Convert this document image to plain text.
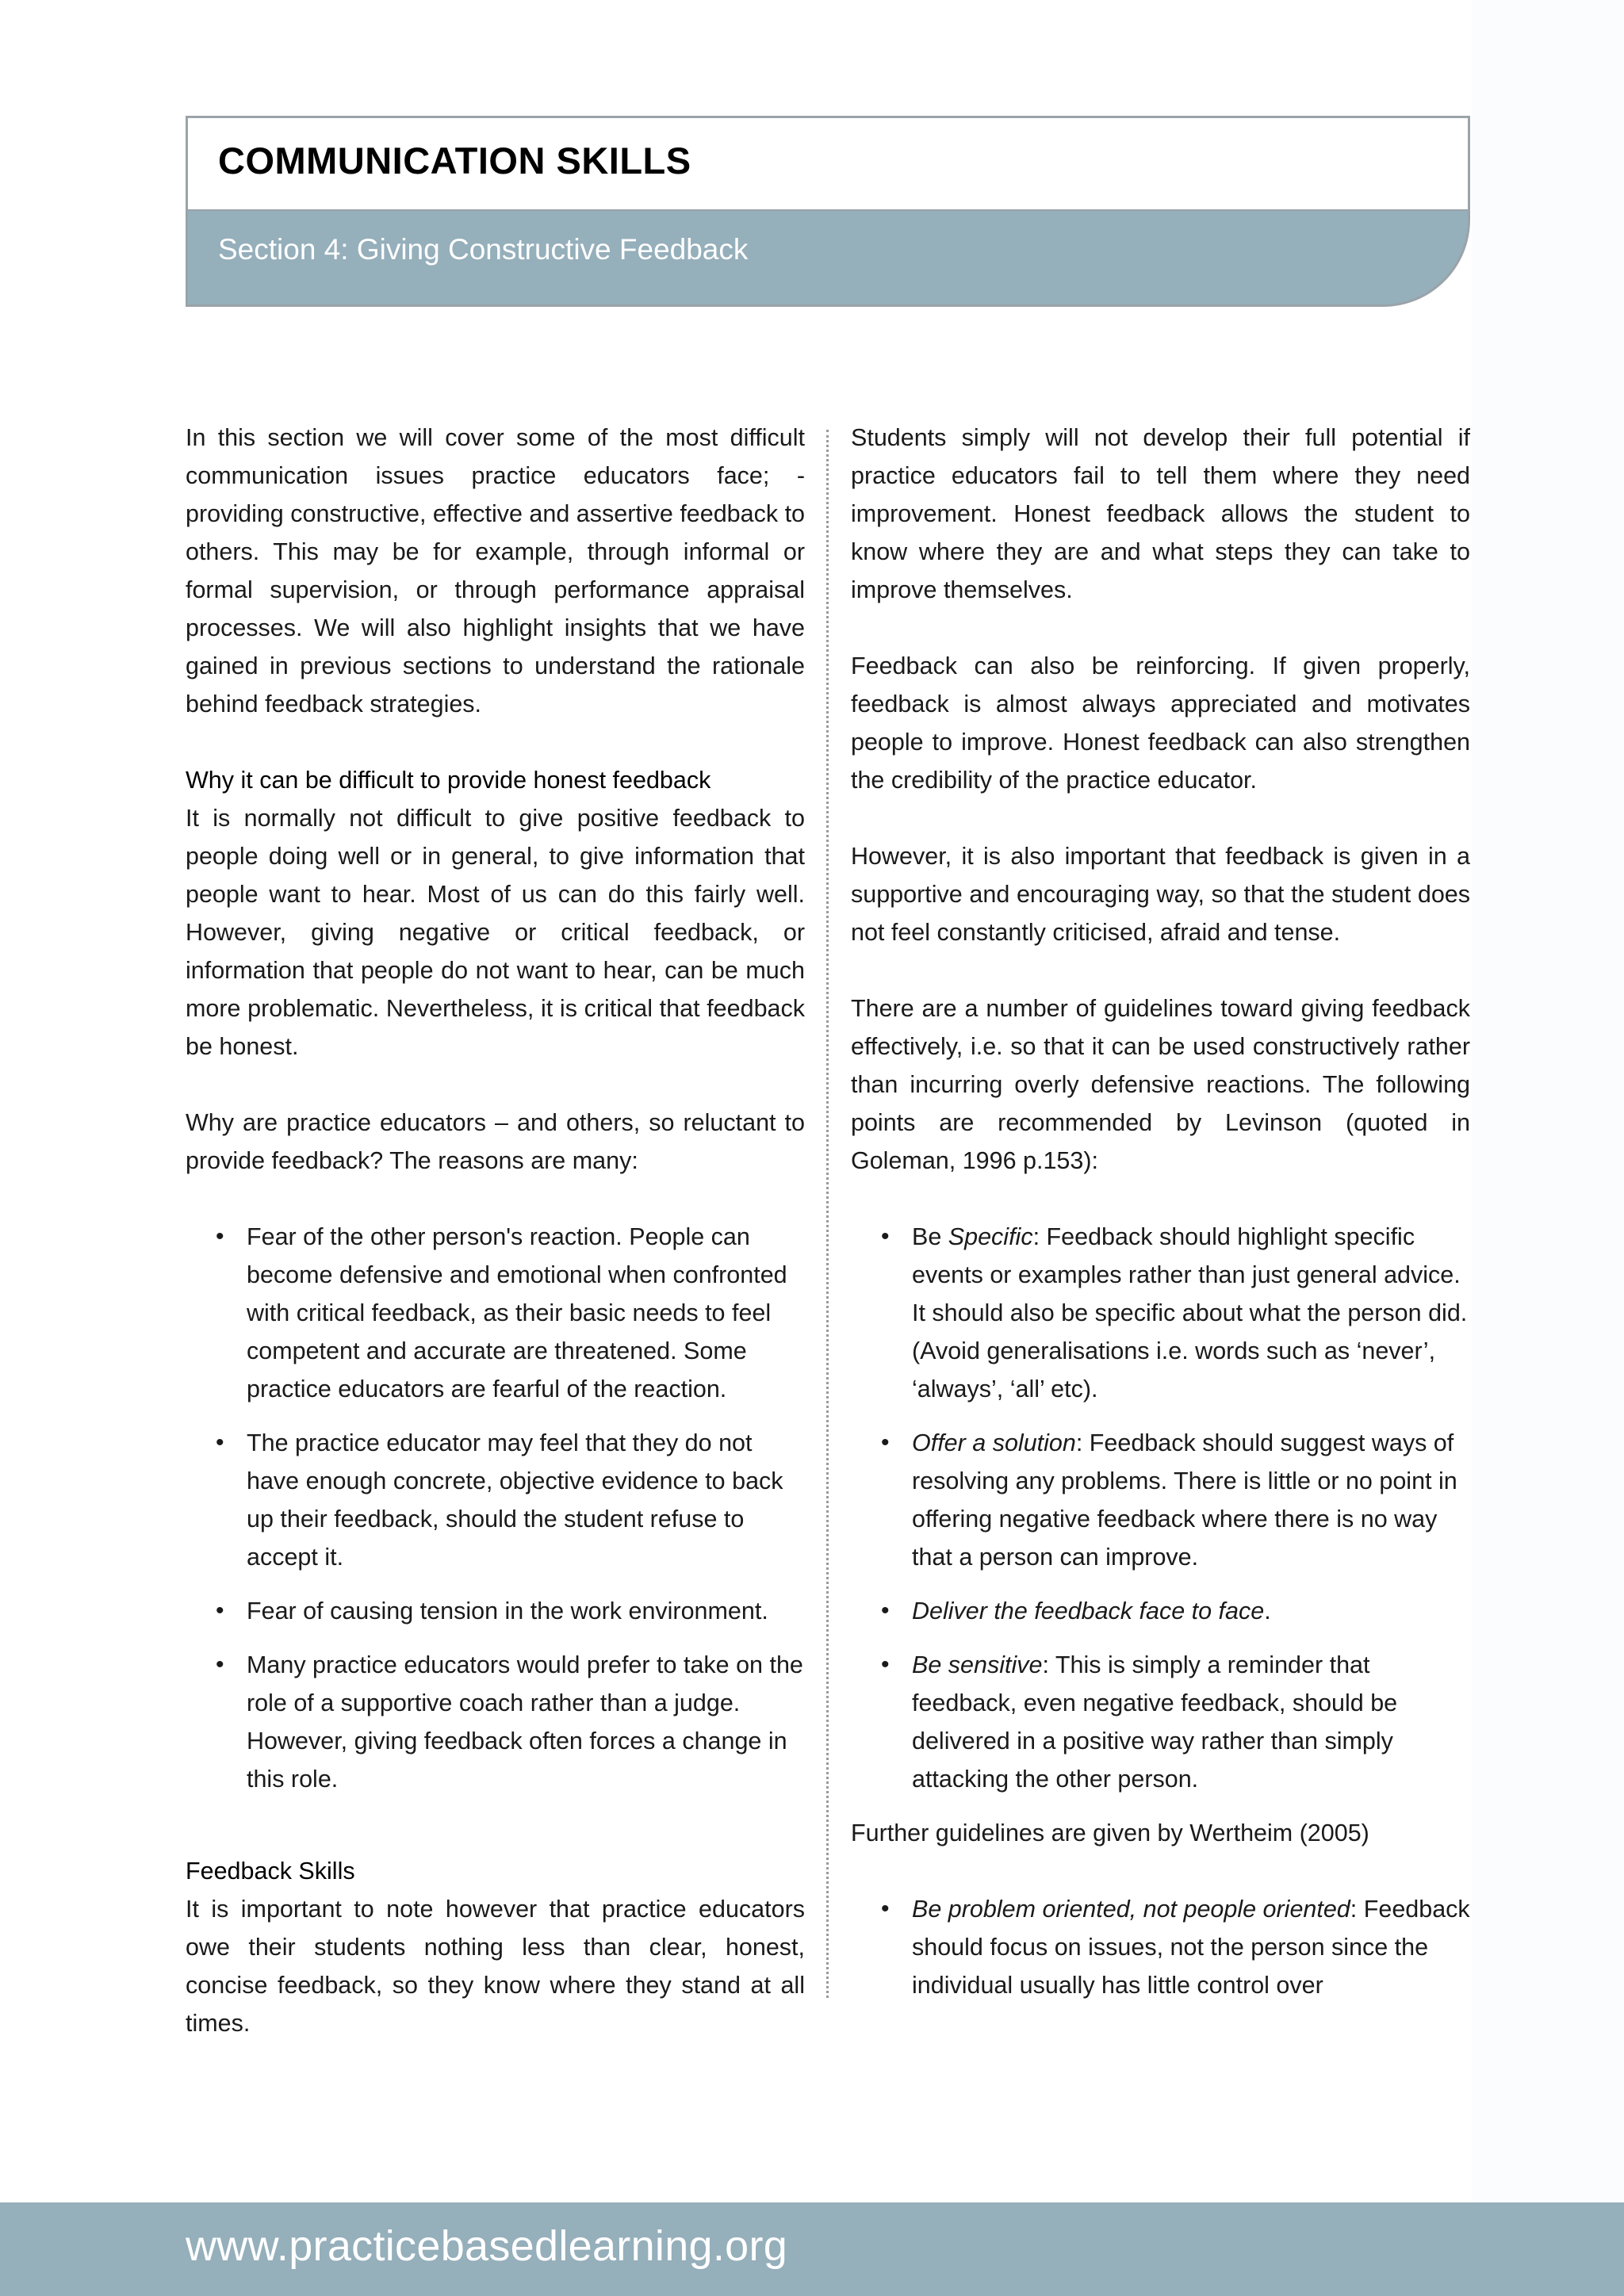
COMMUNICATION SKILLS
Section 4: Giving Constructive Feedback

In this section we will cover some of the most difficult communication issues practice educators face; - providing constructive, effective and assertive feedback to others. This may be for example, through informal or formal supervision, or through performance appraisal processes. We will also highlight insights that we have gained in previous sections to understand the rationale behind feedback strategies.

Why it can be difficult to provide honest feedback

It is normally not difficult to give positive feedback to people doing well or in general, to give information that people want to hear. Most of us can do this fairly well. However, giving negative or critical feedback, or information that people do not want to hear, can be much more problematic. Nevertheless, it is critical that feedback be honest.

Why are practice educators – and others, so reluctant to provide feedback? The reasons are many:

• Fear of the other person's reaction. People can become defensive and emotional when confronted with critical feedback, as their basic needs to feel competent and accurate are threatened. Some practice educators are fearful of the reaction.
• The practice educator may feel that they do not have enough concrete, objective evidence to back up their feedback, should the student refuse to accept it.
• Fear of causing tension in the work environment.
• Many practice educators would prefer to take on the role of a supportive coach rather than a judge. However, giving feedback often forces a change in this role.
Feedback Skills

It is important to note however that practice educators owe their students nothing less than clear, honest, concise feedback, so they know where they stand at all times.

Students simply will not develop their full potential if practice educators fail to tell them where they need improvement. Honest feedback allows the student to know where they are and what steps they can take to improve themselves.

Feedback can also be reinforcing. If given properly, feedback is almost always appreciated and motivates people to improve. Honest feedback can also strengthen the credibility of the practice educator.

However, it is also important that feedback is given in a supportive and encouraging way, so that the student does not feel constantly criticised, afraid and tense.

There are a number of guidelines toward giving feedback effectively, i.e. so that it can be used constructively rather than incurring overly defensive reactions. The following points are recommended by Levinson (quoted in Goleman, 1996 p.153):

• Be Specific: Feedback should highlight specific events or examples rather than just general advice. It should also be specific about what the person did. (Avoid generalisations i.e. words such as ‘never’, ‘always’, ‘all’ etc).
• Offer a solution: Feedback should suggest ways of resolving any problems. There is little or no point in offering negative feedback where there is no way that a person can improve.
• Deliver the feedback face to face.
• Be sensitive: This is simply a reminder that feedback, even negative feedback, should be delivered in a positive way rather than simply attacking the other person.

Further guidelines are given by Wertheim (2005)

• Be problem oriented, not people oriented: Feedback should focus on issues, not the person since the individual usually has little control over
www.practicebasedlearning.org
